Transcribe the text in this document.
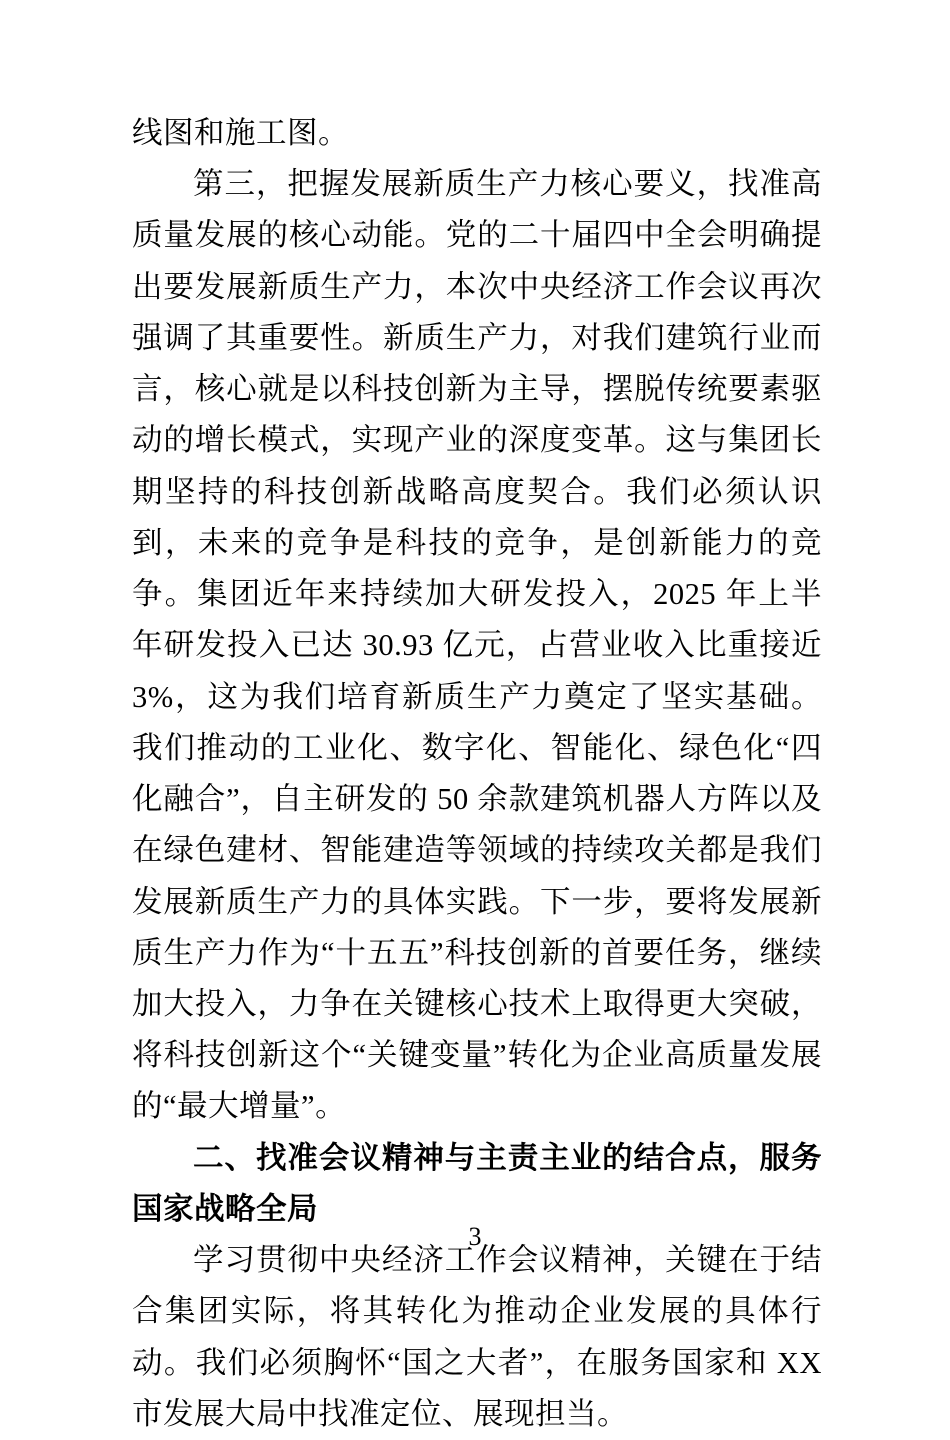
线图和施工图。

第三，把握发展新质生产力核心要义，找准高质量发展的核心动能。党的二十届四中全会明确提出要发展新质生产力，本次中央经济工作会议再次强调了其重要性。新质生产力，对我们建筑行业而言，核心就是以科技创新为主导，摆脱传统要素驱动的增长模式，实现产业的深度变革。这与集团长期坚持的科技创新战略高度契合。我们必须认识到，未来的竞争是科技的竞争，是创新能力的竞争。集团近年来持续加大研发投入，2025 年上半年研发投入已达 30.93 亿元，占营业收入比重接近 3%，这为我们培育新质生产力奠定了坚实基础。我们推动的工业化、数字化、智能化、绿色化“四化融合”，自主研发的 50 余款建筑机器人方阵以及在绿色建材、智能建造等领域的持续攻关都是我们发展新质生产力的具体实践。下一步，要将发展新质生产力作为“十五五”科技创新的首要任务，继续加大投入，力争在关键核心技术上取得更大突破，将科技创新这个“关键变量”转化为企业高质量发展的“最大增量”。

二、找准会议精神与主责主业的结合点，服务国家战略全局

学习贯彻中央经济工作会议精神，关键在于结合集团实际，将其转化为推动企业发展的具体行动。我们必须胸怀“国之大者”，在服务国家和 XX 市发展大局中找准定位、展现担当。

3
